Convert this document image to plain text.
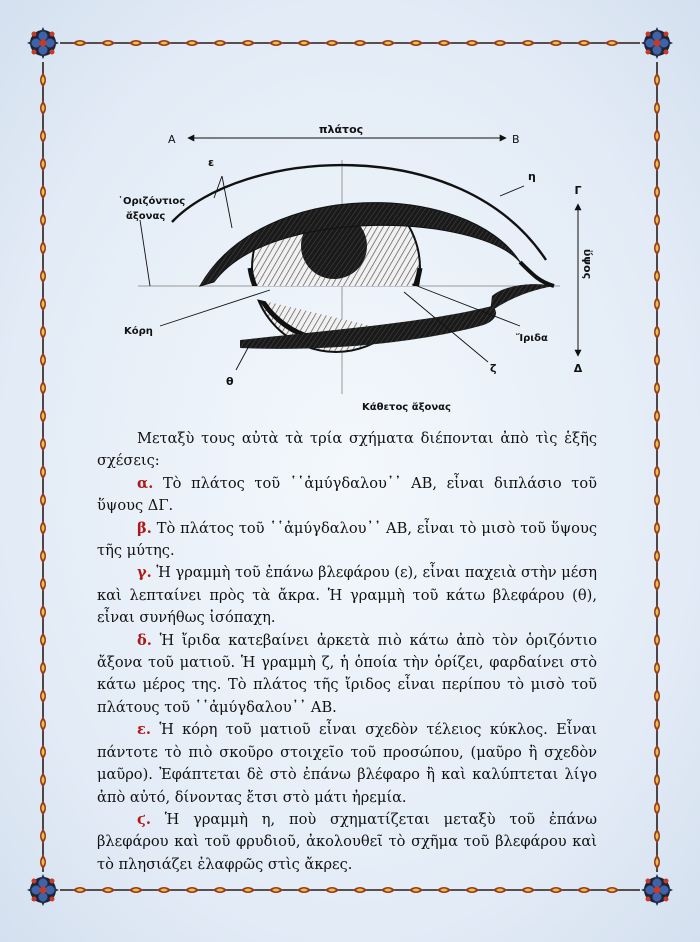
A	B
πλάτος
ε
η
῾Οριζόντιος
ἄξονας
Γ
ὕψος
Δ
Κόρη
Ἴριδα
θ
ζ
Κάθετος ἄξονας

Μεταξὺ τους αὐτὰ τὰ τρία σχήματα διέπονται ἀπὸ τὶς ἑξῆς σχέσεις:

α. Τὸ πλάτος τοῦ ῾῾ἀμύγδαλου᾿᾿ ΑΒ, εἶναι διπλάσιο τοῦ ὕψους ΔΓ.

β. Τὸ πλάτος τοῦ ῾῾ἀμύγδαλου᾿᾿ ΑΒ, εἶναι τὸ μισὸ τοῦ ὕψους τῆς μύτης.

γ. Ἡ γραμμὴ τοῦ ἐπάνω βλεφάρου (ε), εἶναι παχειὰ στὴν μέση καὶ λεπταίνει πρὸς τὰ ἄκρα. Ἡ γραμμὴ τοῦ κάτω βλεφάρου (θ), εἶναι συνήθως ἰσόπαχη.

δ. Ἡ ἴριδα κατεβαίνει ἀρκετὰ πιὸ κάτω ἀπὸ τὸν ὁριζόντιο ἄξονα τοῦ ματιοῦ. Ἡ γραμμὴ ζ, ἡ ὁποία τὴν ὁρίζει, φαρδαίνει στὸ κάτω μέρος της. Τὸ πλάτος τῆς ἴριδος εἶναι περίπου τὸ μισὸ τοῦ πλάτους τοῦ ῾῾ἀμύγδαλου᾿᾿ ΑΒ.

ε. Ἡ κόρη τοῦ ματιοῦ εἶναι σχεδὸν τέλειος κύκλος. Εἶναι πάντοτε τὸ πιὸ σκοῦρο στοιχεῖο τοῦ προσώπου, (μαῦρο ἢ σχεδὸν μαῦρο). Ἐφάπτεται δὲ στὸ ἐπάνω βλέφαρο ἢ καὶ καλύπτεται λίγο ἀπὸ αὐτό, δίνοντας ἔτσι στὸ μάτι ἠρεμία.

ϛ. Ἡ γραμμὴ η, ποὺ σχηματίζεται μεταξὺ τοῦ ἐπάνω βλεφάρου καὶ τοῦ φρυδιοῦ, ἀκολουθεῖ τὸ σχῆμα τοῦ βλεφάρου καὶ τὸ πλησιάζει ἐλαφρῶς στὶς ἄκρες.
